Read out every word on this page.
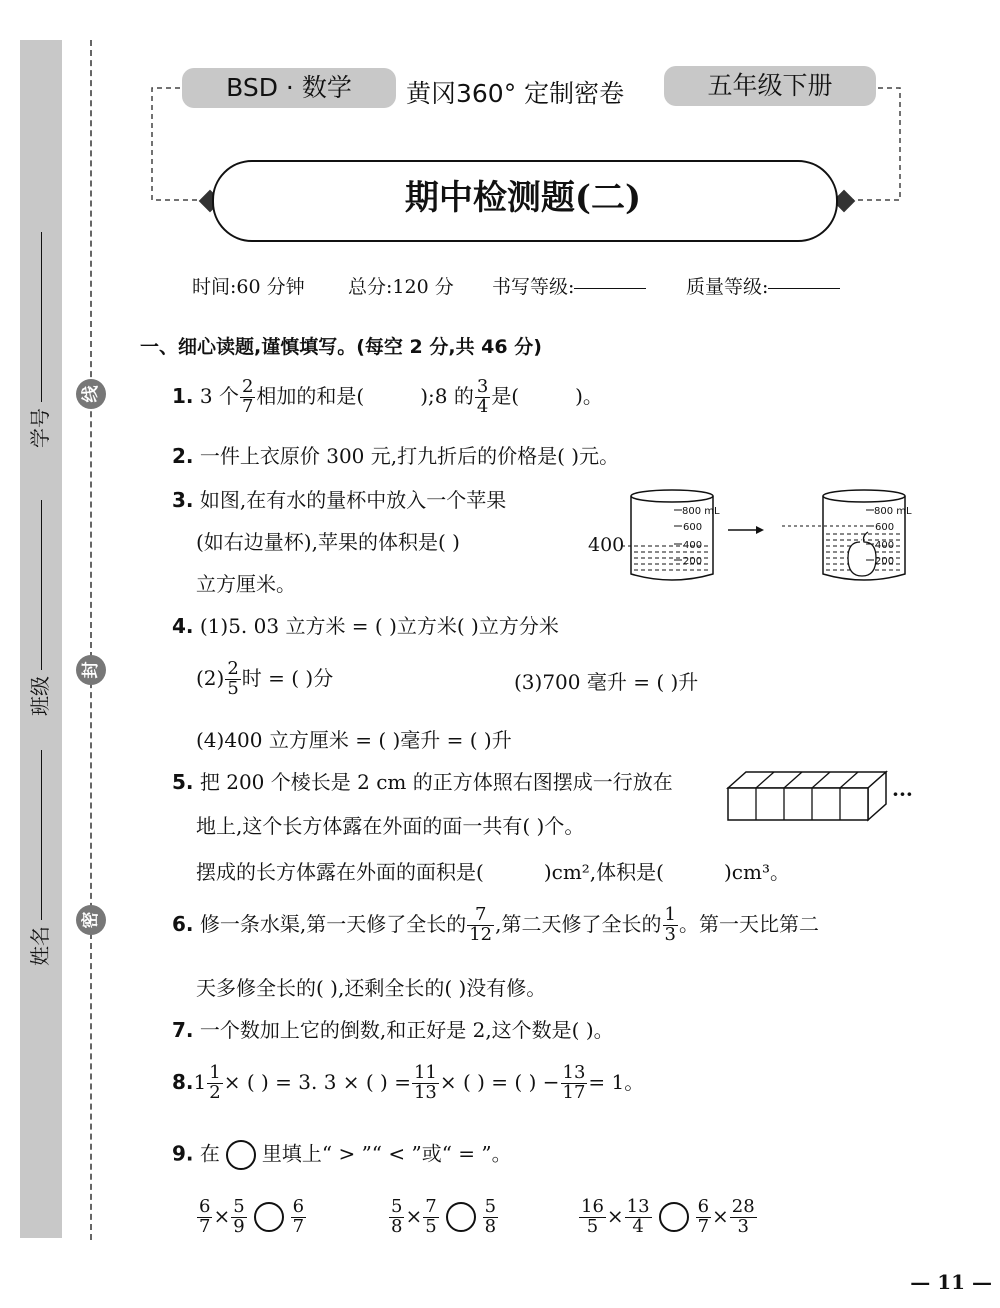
学号
班级
姓名
线
封
密
BSD · 数学	黄冈360° 定制密卷	五年级下册
期中检测题(二)
时间:60 分钟 总分:120 分 书写等级:	质量等级:
一、细心读题,谨慎填写。(每空 2 分,共 46 分)
1. 3 个 $\frac{2}{7}$ 相加的和是(	);8 的 $\frac{3}{4}$ 是(	)。
2. 一件上衣原价 300 元,打九折后的价格是( )元。
3. 如图,在有水的量杯中放入一个苹果
(如右边量杯),苹果的体积是( )
立方厘米。
400
800 mL
600
400
200
800 mL
600
400
200
4. (1)5. 03 立方米 = ( )立方米( )立方分米
$(2) \frac{2}{5}$ 时 = ( )分	(3)700 毫升 = ( )升
(4)400 立方厘米 = ( )毫升 = ( )升
5. 把 200 个棱长是 2 cm 的正方体照右图摆成一行放在
地上,这个长方体露在外面的面一共有( )个。
摆成的长方体露在外面的面积是(	)cm²,体积是(	)cm³。
···
6. 修一条水渠,第一天修了全长的 $\frac{7}{12}$ ,第二天修了全长的 $\frac{1}{3}$ 。第一天比第二
天多修全长的( ),还剩全长的( )没有修。
7. 一个数加上它的倒数,和正好是 2,这个数是( )。
$8.1 \frac{1}{2}$ × ( ) = 3. 3 × ( ) = $\frac{11}{13}$ × ( ) = ( ) − $\frac{13}{17} = 1$。
9. 在 里填上“ > ”“ < ”或“ = ”。
$\frac{6}{7} \times \frac{5}{9} \frac{6}{7}$	$\frac{5}{8} \times \frac{7}{5} \frac{5}{8}$	$\frac{16}{5} \times \frac{13}{4} \frac{6}{7} \times \frac{28}{3}$
— 11 —
